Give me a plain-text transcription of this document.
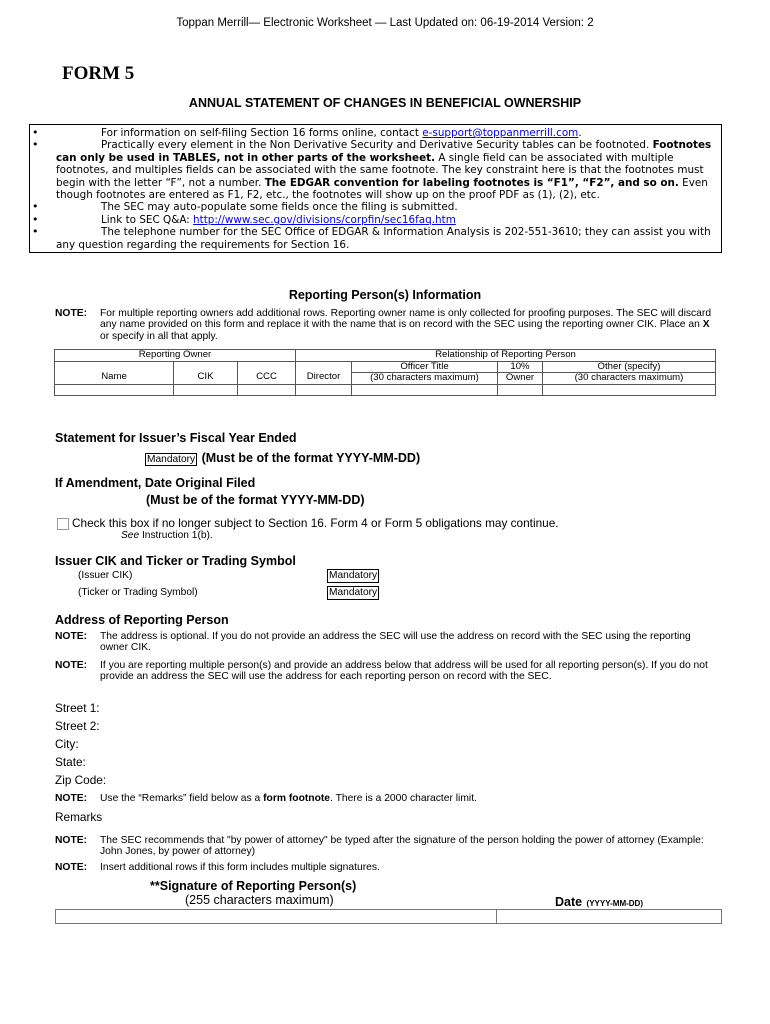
Toppan Merrill— Electronic Worksheet — Last Updated on: 06-19-2014 Version: 2
FORM 5
ANNUAL STATEMENT OF CHANGES IN BENEFICIAL OWNERSHIP
• For information on self-filing Section 16 forms online, contact e-support@toppanmerrill.com.
• Practically every element in the Non Derivative Security and Derivative Security tables can be footnoted. Footnotes can only be used in TABLES, not in other parts of the worksheet. A single field can be associated with multiple footnotes, and multiples fields can be associated with the same footnote. The key constraint here is that the footnotes must begin with the letter “F”, not a number. The EDGAR convention for labeling footnotes is “F1”, “F2”, and so on. Even though footnotes are entered as F1, F2, etc., the footnotes will show up on the proof PDF as (1), (2), etc.
• The SEC may auto-populate some fields once the filing is submitted.
• Link to SEC Q&A: http://www.sec.gov/divisions/corpfin/sec16faq.htm
• The telephone number for the SEC Office of EDGAR & Information Analysis is 202-551-3610; they can assist you with any question regarding the requirements for Section 16.
Reporting Person(s) Information
NOTE: For multiple reporting owners add additional rows. Reporting owner name is only collected for proofing purposes. The SEC will discard any name provided on this form and replace it with the name that is on record with the SEC using the reporting owner CIK. Place an X or specify in all that apply.
Reporting Owner			Relationship of Reporting Person			

Name	CIK	CCC	Director	Officer Title	10%	Other (specify)
				(30 characters maximum)	Owner	(30 characters maximum)

Statement for Issuer’s Fiscal Year Ended
Mandatory (Must be of the format YYYY-MM-DD)
If Amendment, Date Original Filed
(Must be of the format YYYY-MM-DD)
Check this box if no longer subject to Section 16. Form 4 or Form 5 obligations may continue.
See Instruction 1(b).
Issuer CIK and Ticker or Trading Symbol
(Issuer CIK)	Mandatory
(Ticker or Trading Symbol)	Mandatory
Address of Reporting Person
NOTE: The address is optional. If you do not provide an address the SEC will use the address on record with the SEC using the reporting owner CIK.
NOTE: If you are reporting multiple person(s) and provide an address below that address will be used for all reporting person(s). If you do not provide an address the SEC will use the address for each reporting person on record with the SEC.
Street 1:
Street 2:
City:
State:
Zip Code:
NOTE: Use the “Remarks” field below as a form footnote. There is a 2000 character limit.
Remarks
NOTE: The SEC recommends that "by power of attorney" be typed after the signature of the person holding the power of attorney (Example: John Jones, by power of attorney)
NOTE: Insert additional rows if this form includes multiple signatures.
**Signature of Reporting Person(s)
(255 characters maximum)	Date (YYYY-MM-DD)
